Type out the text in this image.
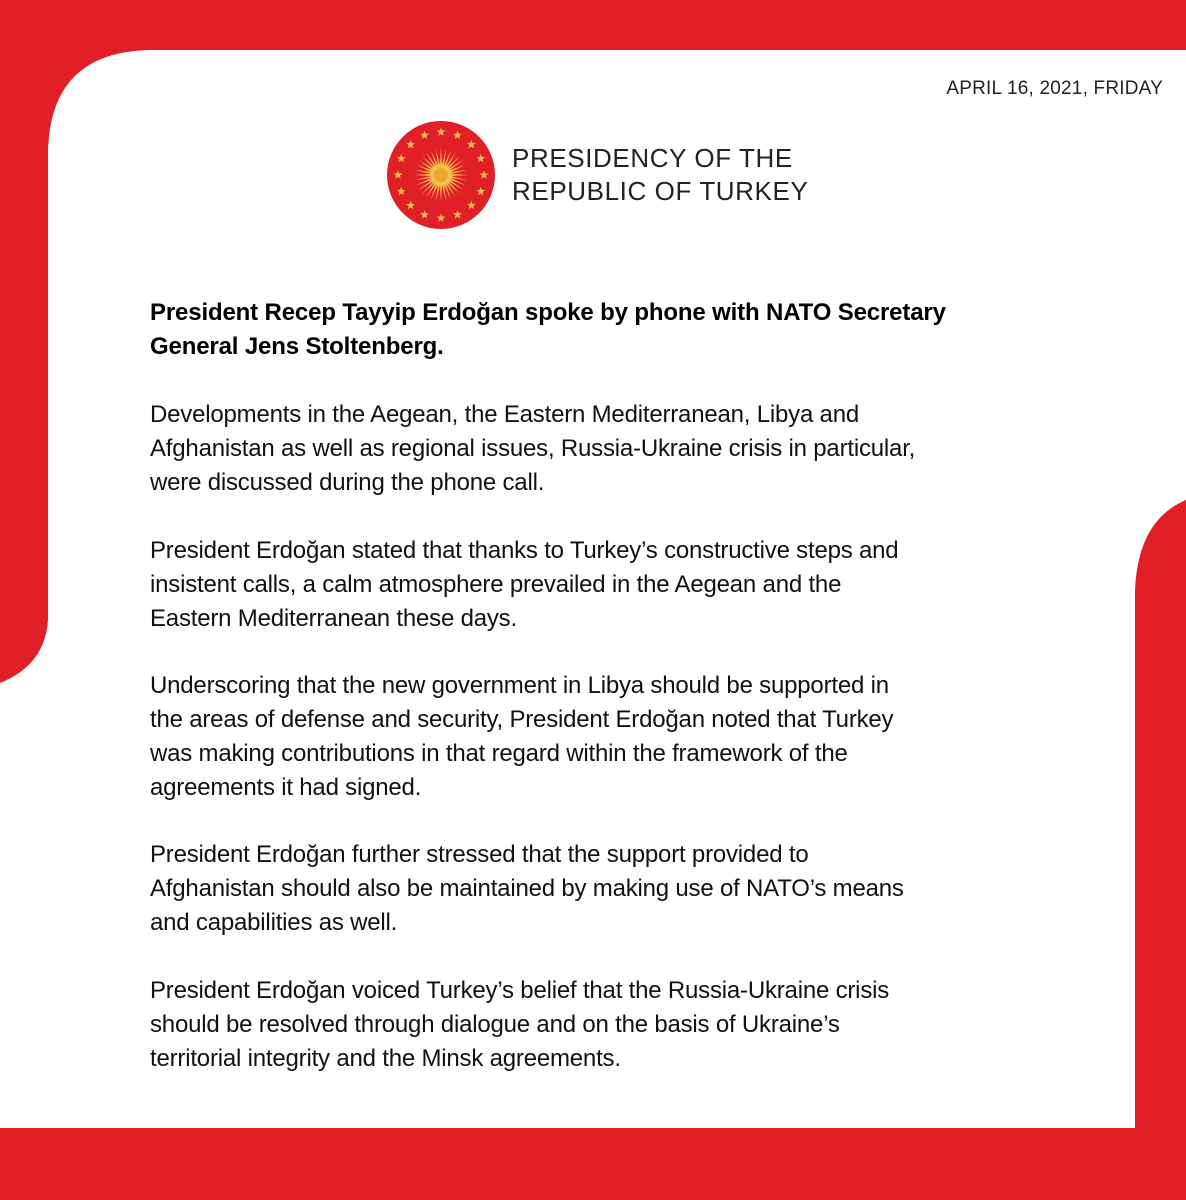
APRIL 16, 2021, FRIDAY
PRESIDENCY OF THE
REPUBLIC OF TURKEY
President Recep Tayyip Erdoğan spoke by phone with NATO Secretary
General Jens Stoltenberg.
Developments in the Aegean, the Eastern Mediterranean, Libya and
Afghanistan as well as regional issues, Russia-Ukraine crisis in particular,
were discussed during the phone call.
President Erdoğan stated that thanks to Turkey’s constructive steps and
insistent calls, a calm atmosphere prevailed in the Aegean and the
Eastern Mediterranean these days.
Underscoring that the new government in Libya should be supported in
the areas of defense and security, President Erdoğan noted that Turkey
was making contributions in that regard within the framework of the
agreements it had signed.
President Erdoğan further stressed that the support provided to
Afghanistan should also be maintained by making use of NATO’s means
and capabilities as well.
President Erdoğan voiced Turkey’s belief that the Russia-Ukraine crisis
should be resolved through dialogue and on the basis of Ukraine’s
territorial integrity and the Minsk agreements.
